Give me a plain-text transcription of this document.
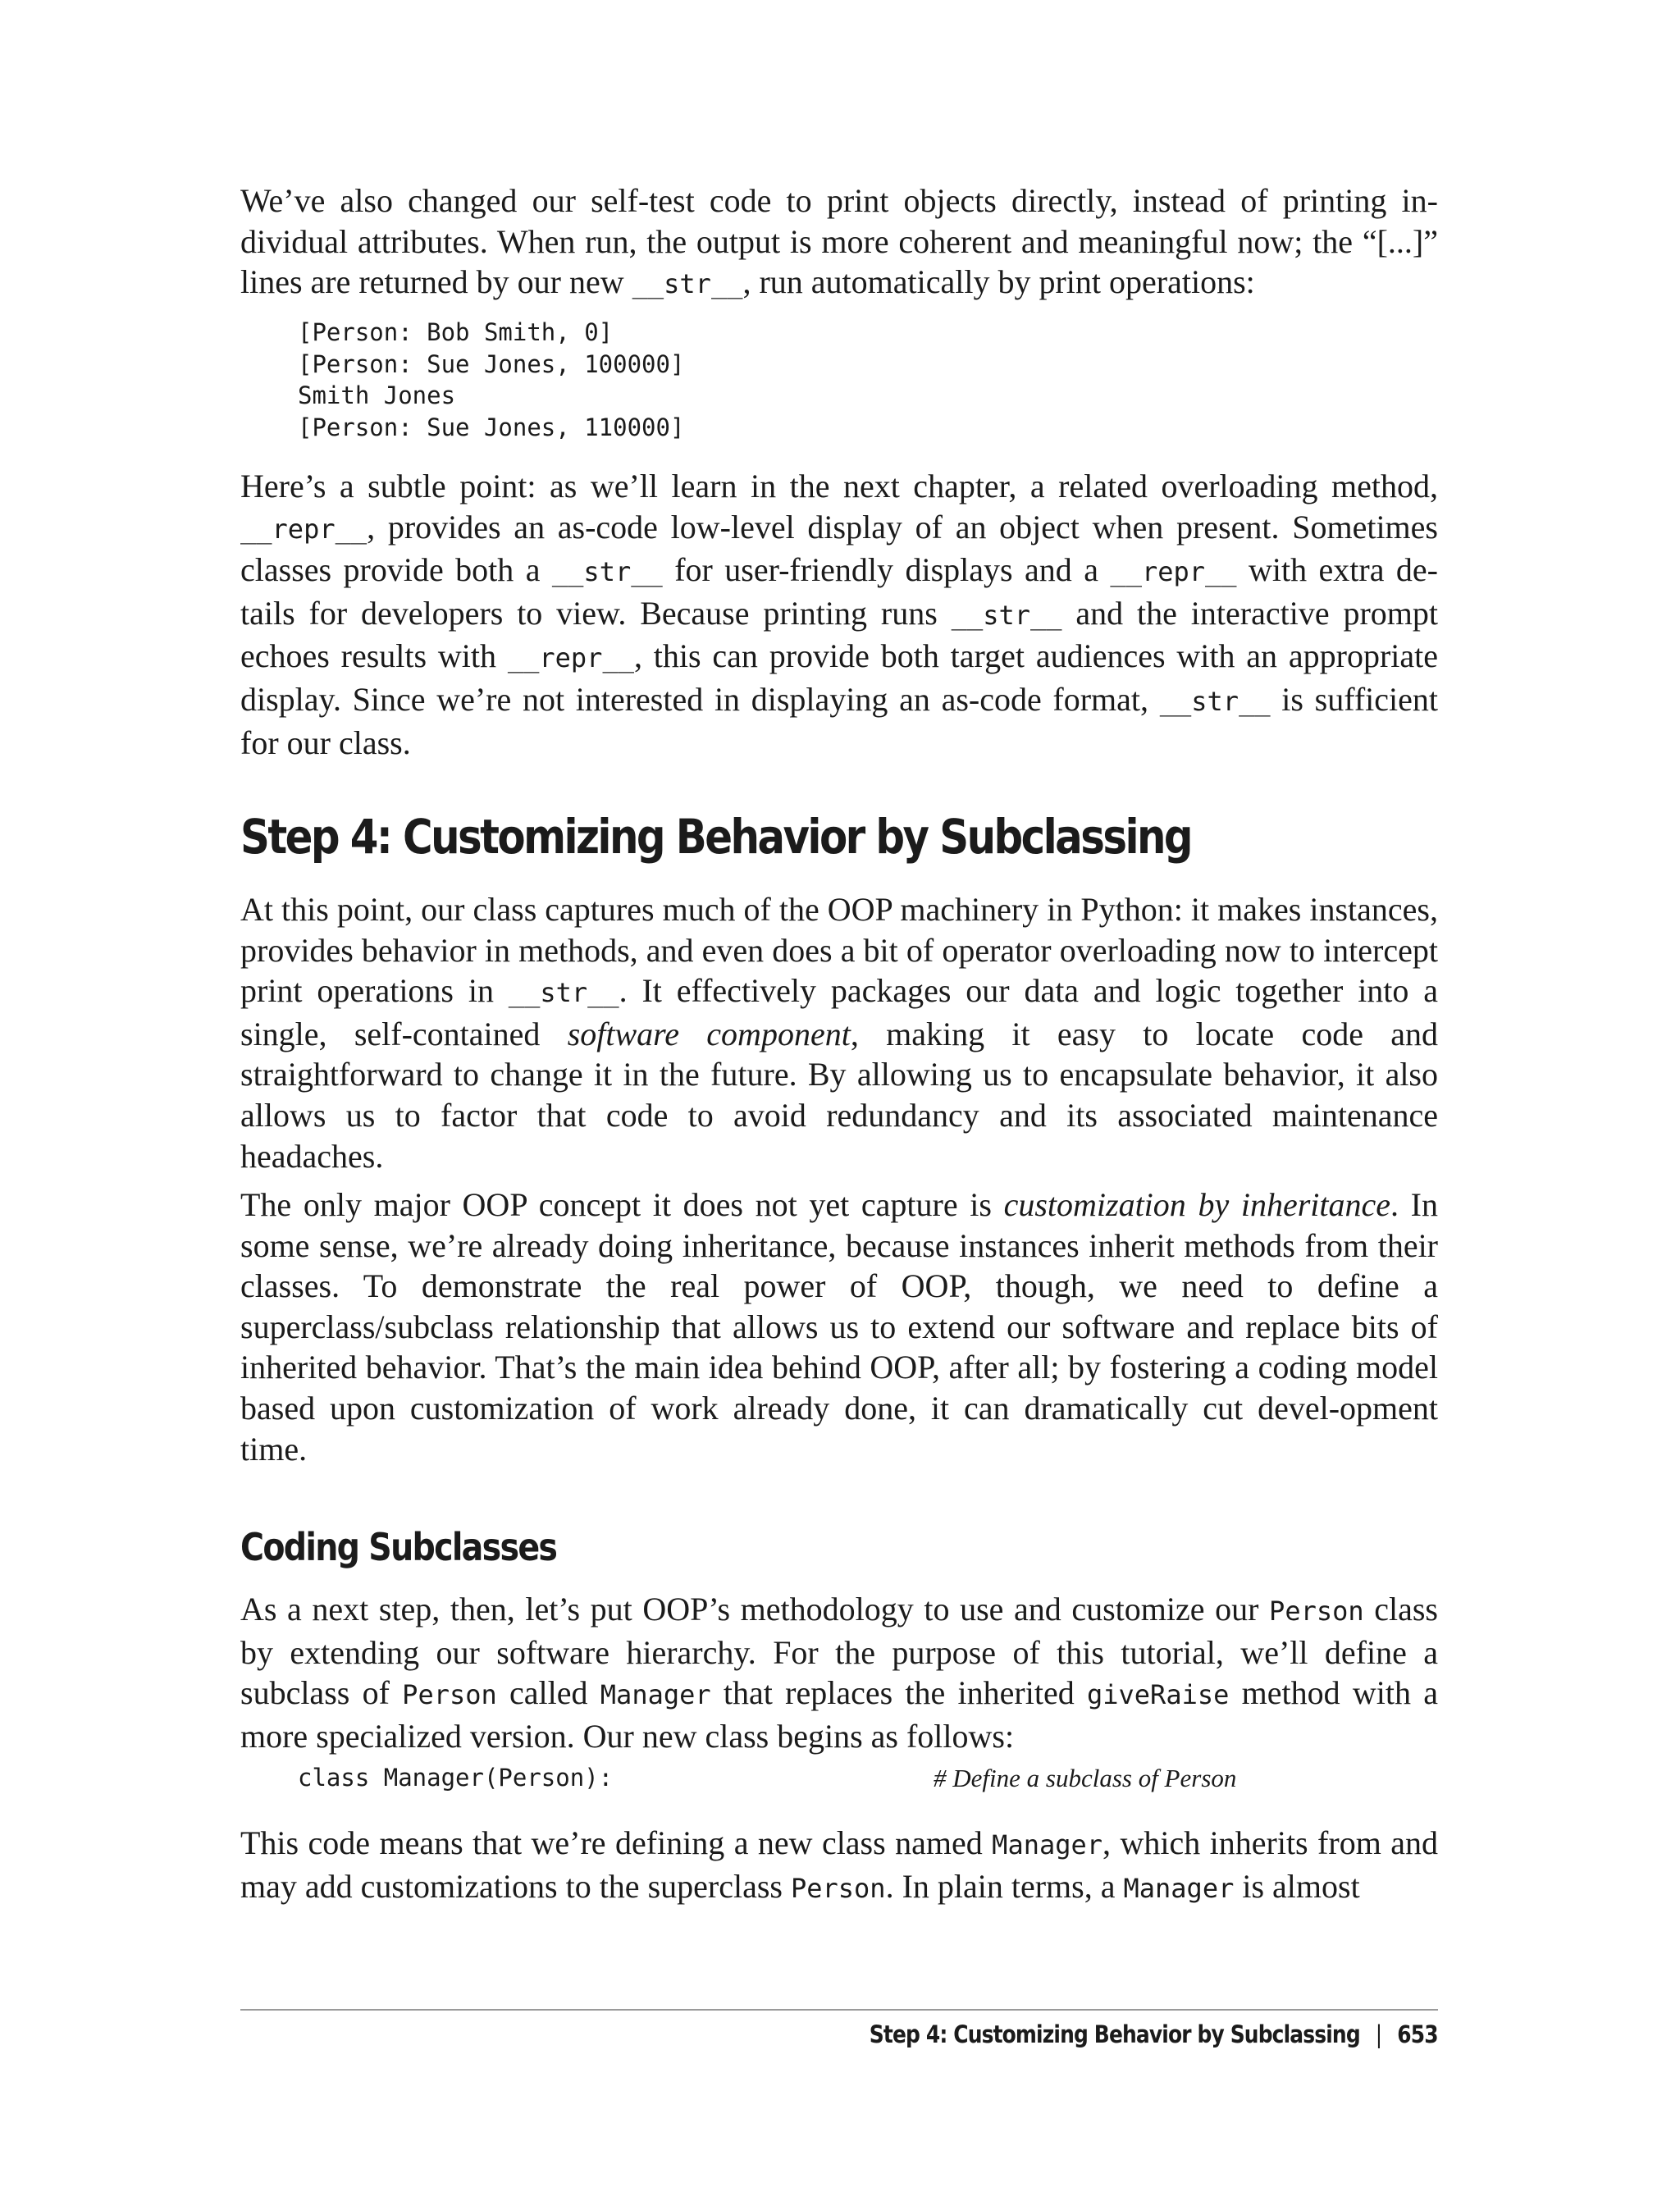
We’ve also changed our self-test code to print objects directly, instead of printing in-dividual attributes. When run, the output is more coherent and meaningful now; the “[...]” lines are returned by our new __str__, run automatically by print operations:

[Person: Bob Smith, 0]
[Person: Sue Jones, 100000]
Smith Jones
[Person: Sue Jones, 110000]

Here’s a subtle point: as we’ll learn in the next chapter, a related overloading method, __repr__, provides an as-code low-level display of an object when present. Sometimes classes provide both a __str__ for user-friendly displays and a __repr__ with extra de-tails for developers to view. Because printing runs __str__ and the interactive prompt echoes results with __repr__, this can provide both target audiences with an appropriate display. Since we’re not interested in displaying an as-code format, __str__ is sufficient for our class.

Step 4: Customizing Behavior by Subclassing

At this point, our class captures much of the OOP machinery in Python: it makes instances, provides behavior in methods, and even does a bit of operator overloading now to intercept print operations in __str__. It effectively packages our data and logic together into a single, self-contained software component, making it easy to locate code and straightforward to change it in the future. By allowing us to encapsulate behavior, it also allows us to factor that code to avoid redundancy and its associated maintenance headaches.

The only major OOP concept it does not yet capture is customization by inheritance. In some sense, we’re already doing inheritance, because instances inherit methods from their classes. To demonstrate the real power of OOP, though, we need to define a superclass/subclass relationship that allows us to extend our software and replace bits of inherited behavior. That’s the main idea behind OOP, after all; by fostering a coding model based upon customization of work already done, it can dramatically cut devel-opment time.

Coding Subclasses

As a next step, then, let’s put OOP’s methodology to use and customize our Person class by extending our software hierarchy. For the purpose of this tutorial, we’ll define a subclass of Person called Manager that replaces the inherited giveRaise method with a more specialized version. Our new class begins as follows:

class Manager(Person):	# Define a subclass of Person

This code means that we’re defining a new class named Manager, which inherits from and may add customizations to the superclass Person. In plain terms, a Manager is almost

Step 4: Customizing Behavior by Subclassing | 653
